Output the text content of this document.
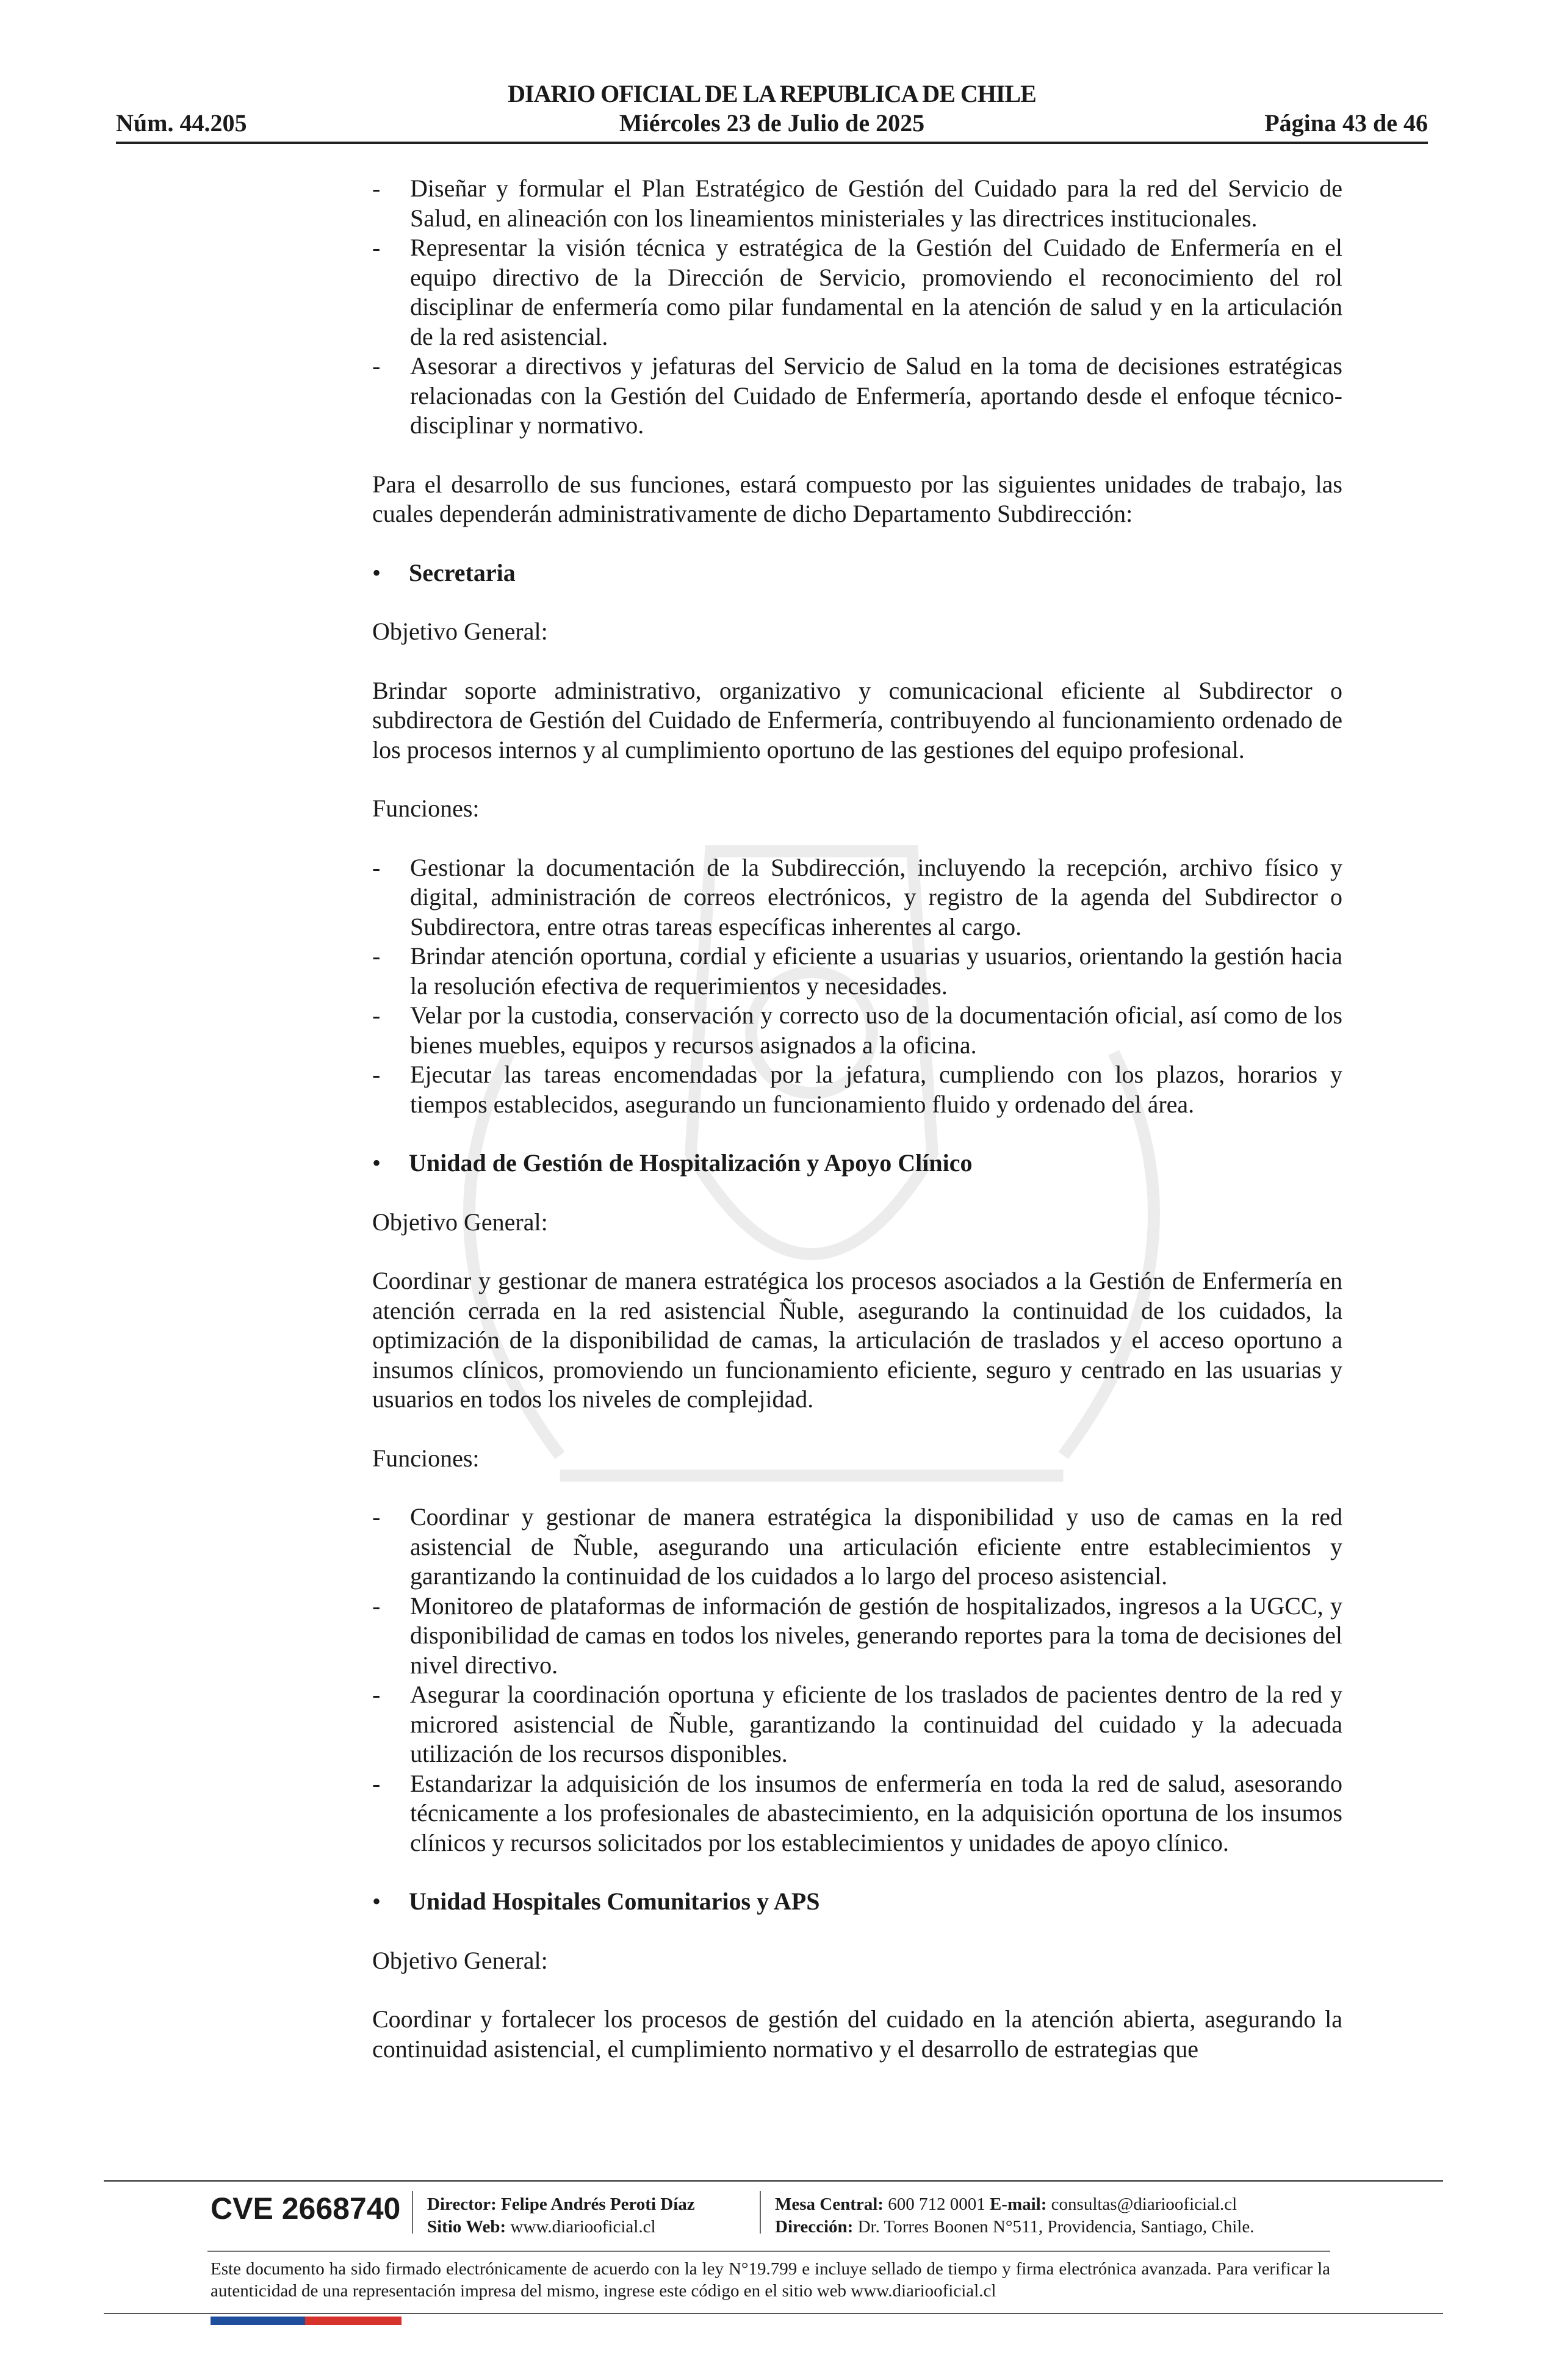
Núm. 44.205
DIARIO OFICIAL DE LA REPUBLICA DE CHILE
Miércoles 23 de Julio de 2025	Página 43 de 46
- Diseñar y formular el Plan Estratégico de Gestión del Cuidado para la red del Servicio de Salud, en alineación con los lineamientos ministeriales y las directrices institucionales.
- Representar la visión técnica y estratégica de la Gestión del Cuidado de Enfermería en el equipo directivo de la Dirección de Servicio, promoviendo el reconocimiento del rol disciplinar de enfermería como pilar fundamental en la atención de salud y en la articulación de la red asistencial.
- Asesorar a directivos y jefaturas del Servicio de Salud en la toma de decisiones estratégicas relacionadas con la Gestión del Cuidado de Enfermería, aportando desde el enfoque técnico-disciplinar y normativo.

Para el desarrollo de sus funciones, estará compuesto por las siguientes unidades de trabajo, las cuales dependerán administrativamente de dicho Departamento Subdirección:

• Secretaria

Objetivo General:

Brindar soporte administrativo, organizativo y comunicacional eficiente al Subdirector o subdirectora de Gestión del Cuidado de Enfermería, contribuyendo al funcionamiento ordenado de los procesos internos y al cumplimiento oportuno de las gestiones del equipo profesional.

Funciones:

- Gestionar la documentación de la Subdirección, incluyendo la recepción, archivo físico y digital, administración de correos electrónicos, y registro de la agenda del Subdirector o Subdirectora, entre otras tareas específicas inherentes al cargo.
- Brindar atención oportuna, cordial y eficiente a usuarias y usuarios, orientando la gestión hacia la resolución efectiva de requerimientos y necesidades.
- Velar por la custodia, conservación y correcto uso de la documentación oficial, así como de los bienes muebles, equipos y recursos asignados a la oficina.
- Ejecutar las tareas encomendadas por la jefatura, cumpliendo con los plazos, horarios y tiempos establecidos, asegurando un funcionamiento fluido y ordenado del área.

• Unidad de Gestión de Hospitalización y Apoyo Clínico

Objetivo General:

Coordinar y gestionar de manera estratégica los procesos asociados a la Gestión de Enfermería en atención cerrada en la red asistencial Ñuble, asegurando la continuidad de los cuidados, la optimización de la disponibilidad de camas, la articulación de traslados y el acceso oportuno a insumos clínicos, promoviendo un funcionamiento eficiente, seguro y centrado en las usuarias y usuarios en todos los niveles de complejidad.

Funciones:

- Coordinar y gestionar de manera estratégica la disponibilidad y uso de camas en la red asistencial de Ñuble, asegurando una articulación eficiente entre establecimientos y garantizando la continuidad de los cuidados a lo largo del proceso asistencial.
- Monitoreo de plataformas de información de gestión de hospitalizados, ingresos a la UGCC, y disponibilidad de camas en todos los niveles, generando reportes para la toma de decisiones del nivel directivo.
- Asegurar la coordinación oportuna y eficiente de los traslados de pacientes dentro de la red y microred asistencial de Ñuble, garantizando la continuidad del cuidado y la adecuada utilización de los recursos disponibles.
- Estandarizar la adquisición de los insumos de enfermería en toda la red de salud, asesorando técnicamente a los profesionales de abastecimiento, en la adquisición oportuna de los insumos clínicos y recursos solicitados por los establecimientos y unidades de apoyo clínico.

• Unidad Hospitales Comunitarios y APS

Objetivo General:

Coordinar y fortalecer los procesos de gestión del cuidado en la atención abierta, asegurando la continuidad asistencial, el cumplimiento normativo y el desarrollo de estrategias que

CVE 2668740 Director: Felipe Andrés Peroti Díaz
Sitio Web: www.diariooficial.cl
Mesa Central: 600 712 0001 E-mail: consultas@diariooficial.cl
Dirección: Dr. Torres Boonen N°511, Providencia, Santiago, Chile.
Este documento ha sido firmado electrónicamente de acuerdo con la ley N°19.799 e incluye sellado de tiempo y firma electrónica avanzada. Para verificar la autenticidad de una representación impresa del mismo, ingrese este código en el sitio web www.diariooficial.cl
